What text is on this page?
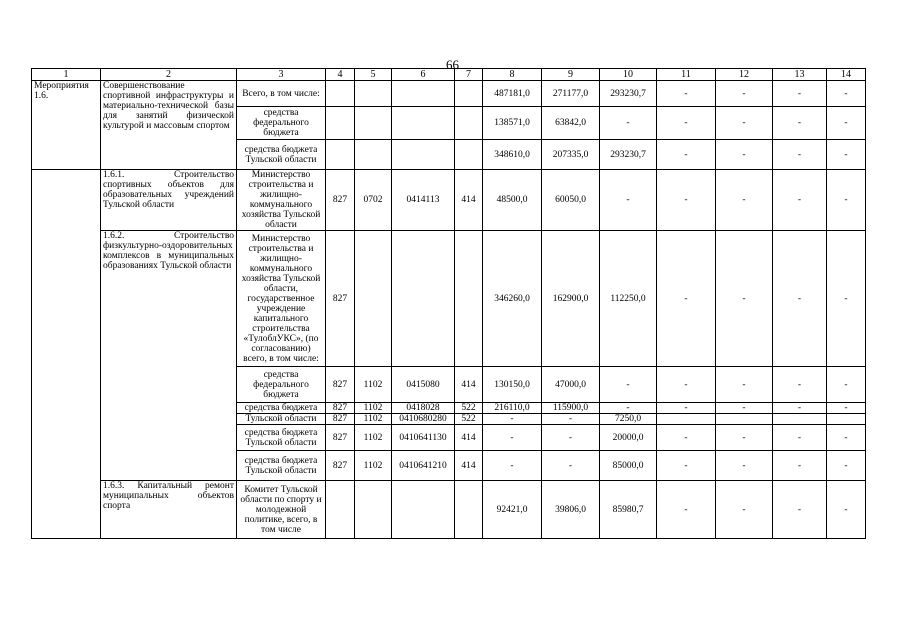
66
1	2	3	4	5	6	7	8	9	10	11	12	13	14
Мероприятия 1.6.	Совершенствование спортивной инфраструктуры и материально-технической базы для занятий физической культурой и массовым спортом	Всего, в том числе:					487181,0	271177,0	293230,7	-	-	-	-
		средства федерального бюджета					138571,0	63842,0	-	-	-	-	-
		средства бюджета Тульской области					348610,0	207335,0	293230,7	-	-	-	-
	1.6.1. Строительство спортивных объектов для образовательных учреждений Тульской области	Министерство строительства и жилищно-коммунального хозяйства Тульской области	827	0702	0414113	414	48500,0	60050,0	-	-	-	-	-
	1.6.2. Строительство физкультурно-оздоровительных комплексов в муниципальных образованиях Тульской области	Министерство строительства и жилищно-коммунального хозяйства Тульской области, государственное учреждение капитального строительства «ТулоблУКС», (по согласованию) всего, в том числе:	827				346260,0	162900,0	112250,0	-	-	-	-
		средства федерального бюджета	827	1102	0415080	414	130150,0	47000,0	-	-	-	-	-
		средства бюджета	827	1102	0418028	522	216110,0	115900,0	-	-	-	-	-
		Тульской области	827	1102	0410680280	522	-	-	7250,0				
		средства бюджета Тульской области	827	1102	0410641130	414	-	-	20000,0	-	-	-	-
		средства бюджета Тульской области	827	1102	0410641210	414	-	-	85000,0	-	-	-	-
	1.6.3. Капитальный ремонт муниципальных объектов спорта	Комитет Тульской области по спорту и молодежной политике, всего, в том числе					92421,0	39806,0	85980,7	-	-	-	-
